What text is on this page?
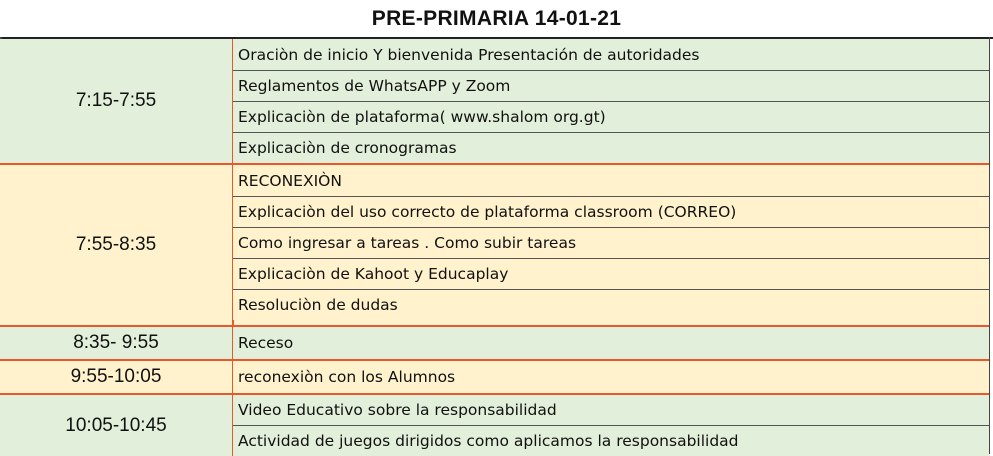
PRE-PRIMARIA 14-01-21
7:15-7:55
Oraciòn de inicio Y bienvenida Presentación de autoridades
Reglamentos de WhatsAPP y Zoom
Explicaciòn de plataforma( www.shalom org.gt)
Explicaciòn de cronogramas
7:55-8:35
RECONEXIÒN
Explicaciòn del uso correcto de plataforma classroom (CORREO)
Como ingresar a tareas . Como subir tareas
Explicaciòn de Kahoot y Educaplay
Resoluciòn de dudas
8:35- 9:55	Receso
9:55-10:05	reconexiòn con los Alumnos
10:05-10:45
Video Educativo sobre la responsabilidad
Actividad de juegos dirigidos como aplicamos la responsabilidad
